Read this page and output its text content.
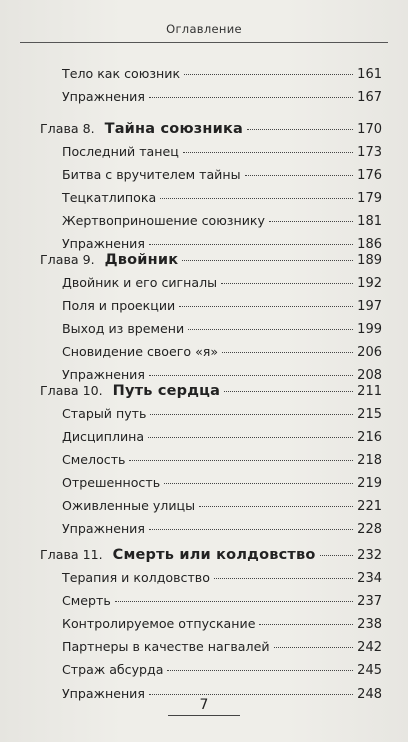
Оглавление
Тело как союзник	161
Упражнения	167
Глава 8. Тайна союзника	170
Последний танец	173
Битва с вручителем тайны	176
Тецкатлипока	179
Жертвоприношение союзнику	181
Упражнения	186
Глава 9. Двойник	189
Двойник и его сигналы	192
Поля и проекции	197
Выход из времени	199
Сновидение своего «я»	206
Упражнения	208
Глава 10. Путь сердца	211
Старый путь	215
Дисциплина	216
Смелость	218
Отрешенность	219
Оживленные улицы	221
Упражнения	228
Глава 11. Смерть или колдовство	232
Терапия и колдовство	234
Смерть	237
Контролируемое отпускание	238
Партнеры в качестве нагвалей	242
Страж абсурда	245
Упражнения	248
7
